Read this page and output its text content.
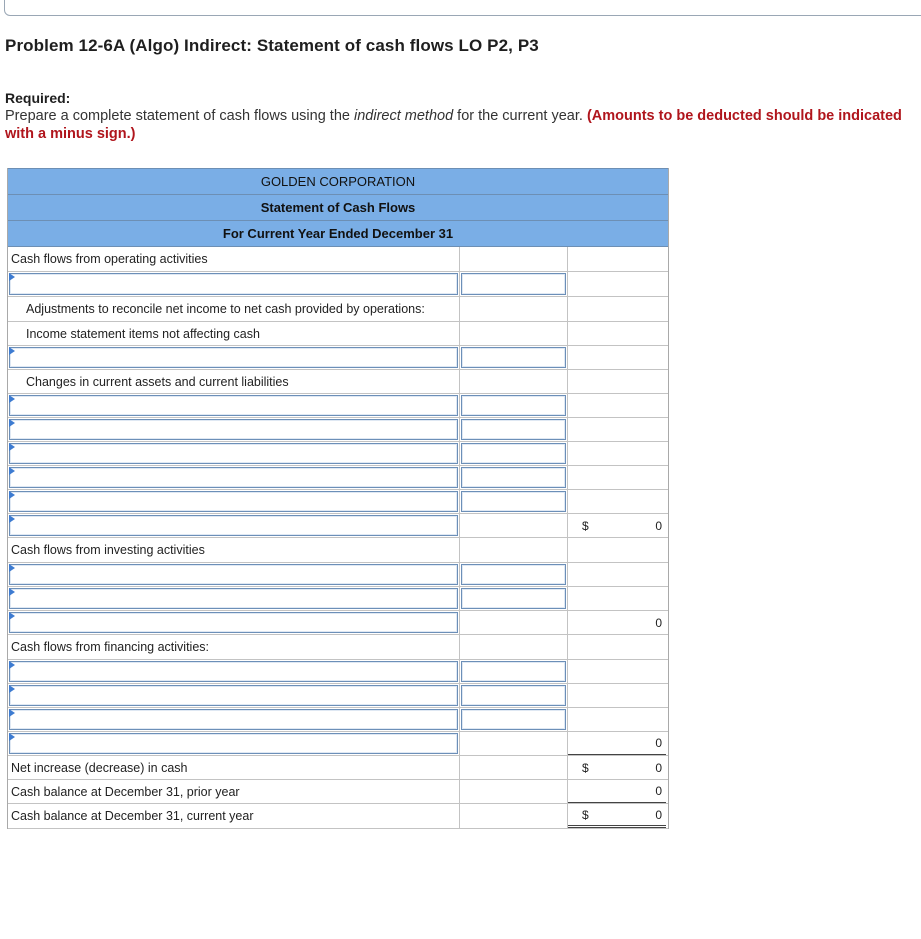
Problem 12-6A (Algo) Indirect: Statement of cash flows LO P2, P3
Required:
Prepare a complete statement of cash flows using the indirect method for the current year. (Amounts to be deducted should be indicated with a minus sign.)
GOLDEN CORPORATION
Statement of Cash Flows
For Current Year Ended December 31
Cash flows from operating activities
Adjustments to reconcile net income to net cash provided by operations:
Income statement items not affecting cash
Changes in current assets and current liabilities
$	0
Cash flows from investing activities
0
Cash flows from financing activities:
0
Net increase (decrease) in cash	$	0
Cash balance at December 31, prior year	0
Cash balance at December 31, current year	$	0
